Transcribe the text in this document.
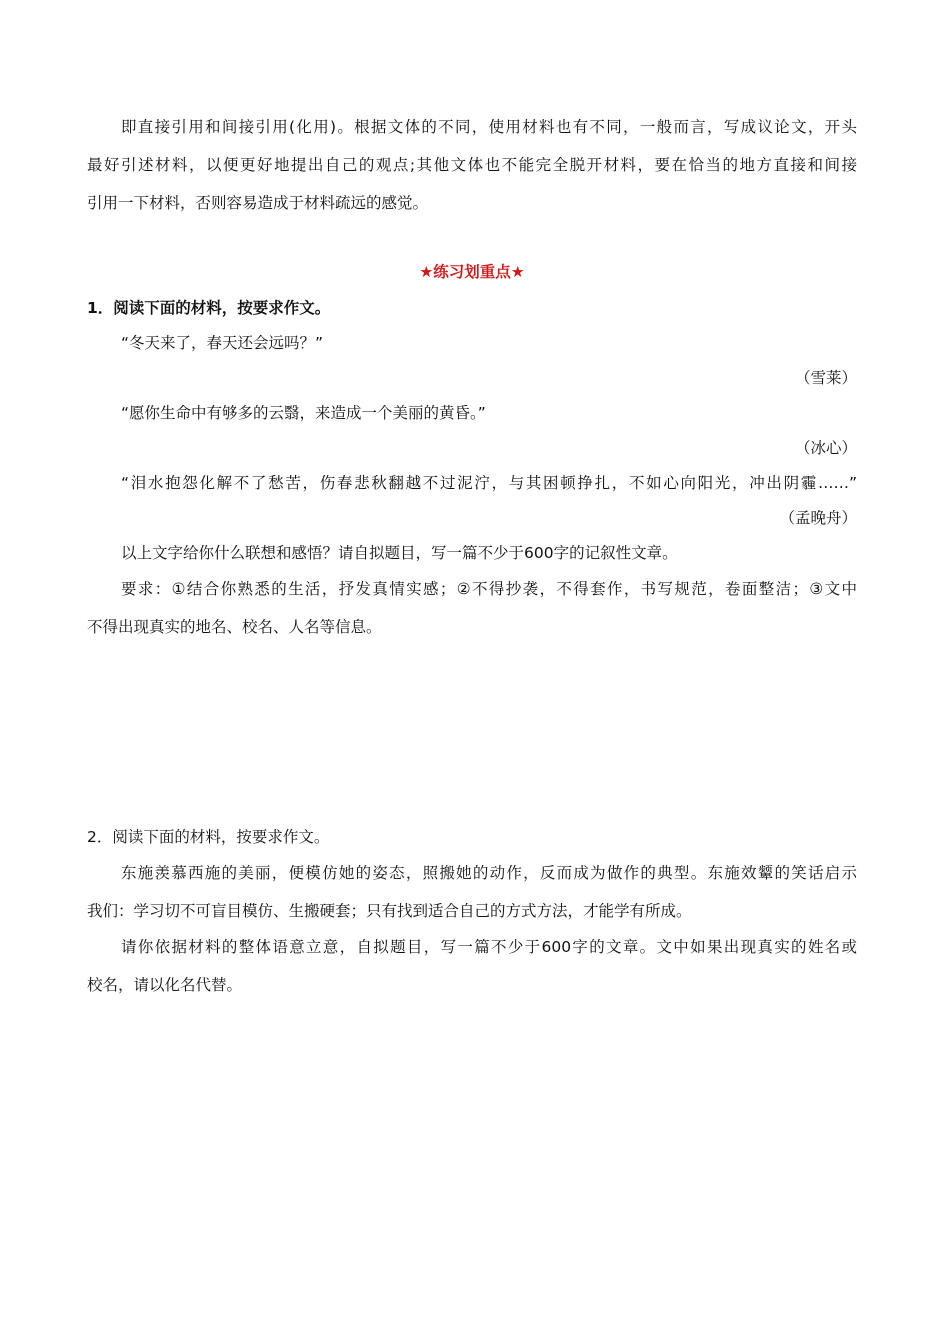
即直接引用和间接引用(化用)。根据文体的不同，使用材料也有不同，一般而言，写成议论文，开头
最好引述材料，以便更好地提出自己的观点;其他文体也不能完全脱开材料，要在恰当的地方直接和间接
引用一下材料，否则容易造成于材料疏远的感觉。
★练习划重点★
1．阅读下面的材料，按要求作文。
“冬天来了，春天还会远吗？”
（雪莱）
“愿你生命中有够多的云翳，来造成一个美丽的黄昏。”
（冰心）
“泪水抱怨化解不了愁苦，伤春悲秋翻越不过泥泞，与其困顿挣扎，不如心向阳光，冲出阴霾……”
（孟晚舟）
以上文字给你什么联想和感悟？请自拟题目，写一篇不少于600字的记叙性文章。
要求：①结合你熟悉的生活，抒发真情实感；②不得抄袭，不得套作，书写规范，卷面整洁；③文中
不得出现真实的地名、校名、人名等信息。
2．阅读下面的材料，按要求作文。
东施羡慕西施的美丽，便模仿她的姿态，照搬她的动作，反而成为做作的典型。东施效颦的笑话启示
我们：学习切不可盲目模仿、生搬硬套；只有找到适合自己的方式方法，才能学有所成。
请你依据材料的整体语意立意，自拟题目，写一篇不少于600字的文章。文中如果出现真实的姓名或
校名，请以化名代替。
